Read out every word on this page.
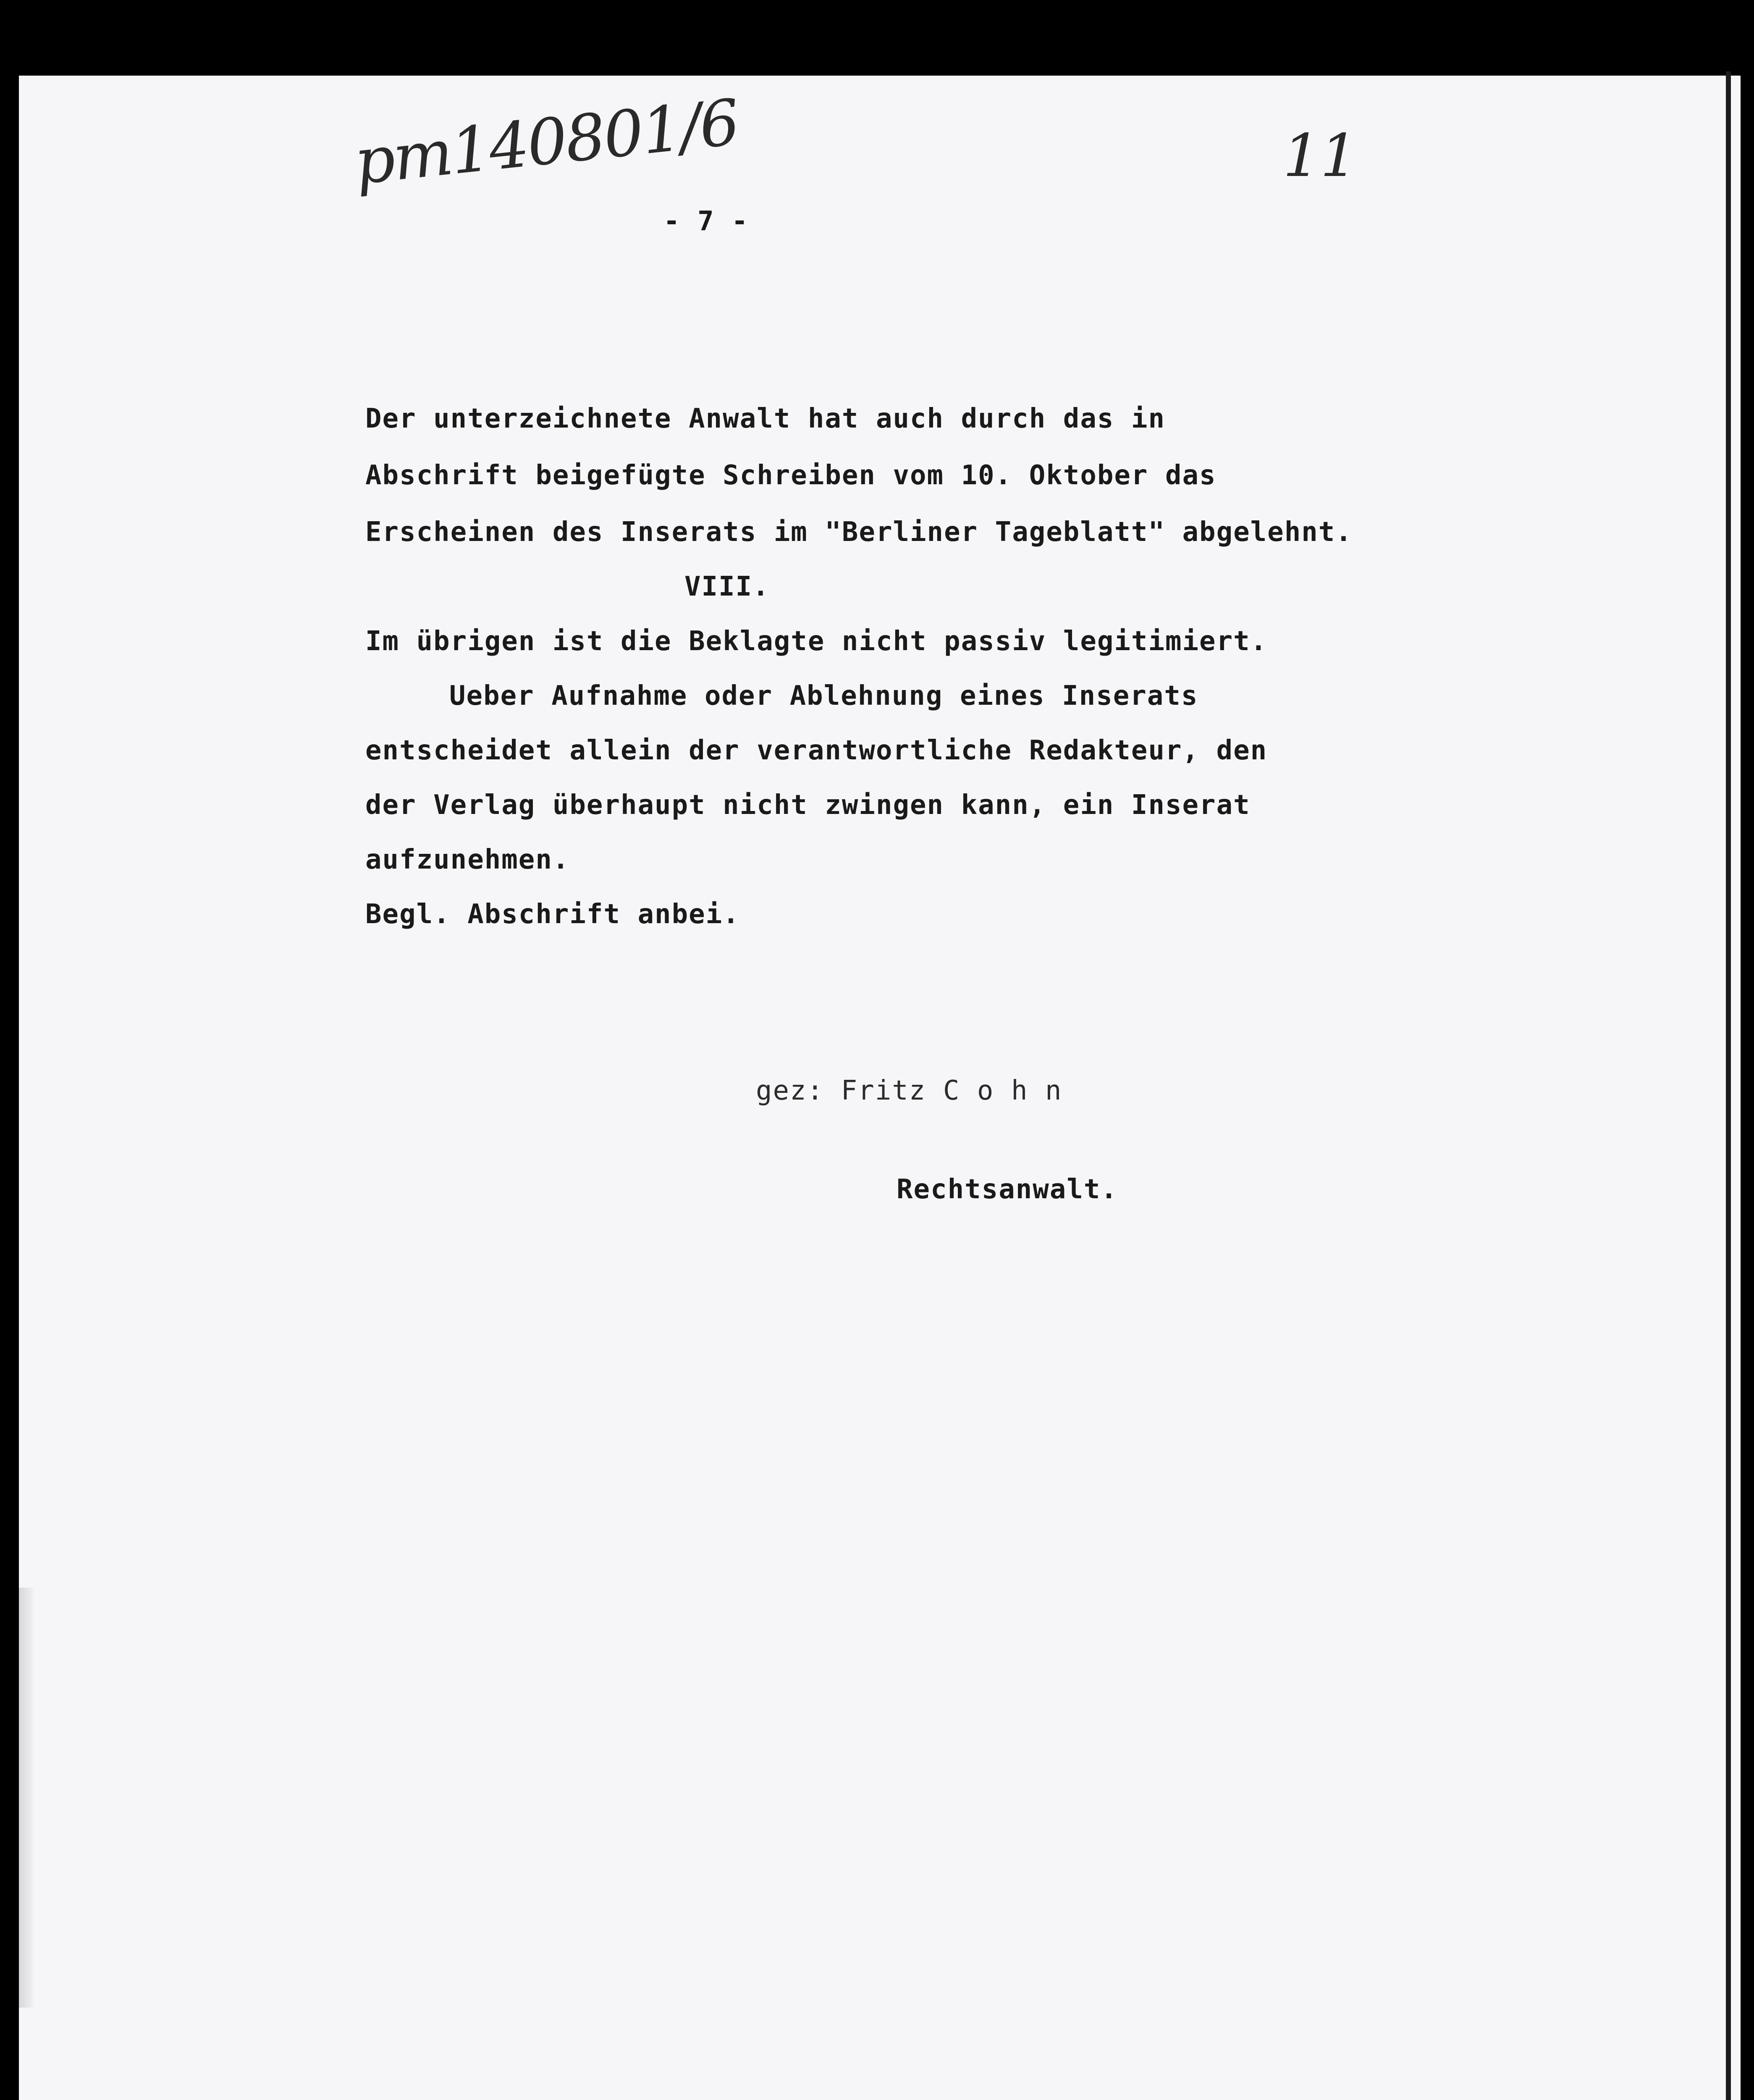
pm140801/6	11
- 7 -
Der unterzeichnete Anwalt hat auch durch das in
Abschrift beigefügte Schreiben vom 10. Oktober das
Erscheinen des Inserats im "Berliner Tageblatt" abgelehnt.
VIII.
Im übrigen ist die Beklagte nicht passiv legitimiert.
Ueber Aufnahme oder Ablehnung eines Inserats
entscheidet allein der verantwortliche Redakteur, den
der Verlag überhaupt nicht zwingen kann, ein Inserat
aufzunehmen.
Begl. Abschrift anbei.
gez: Fritz C o h n
Rechtsanwalt.
